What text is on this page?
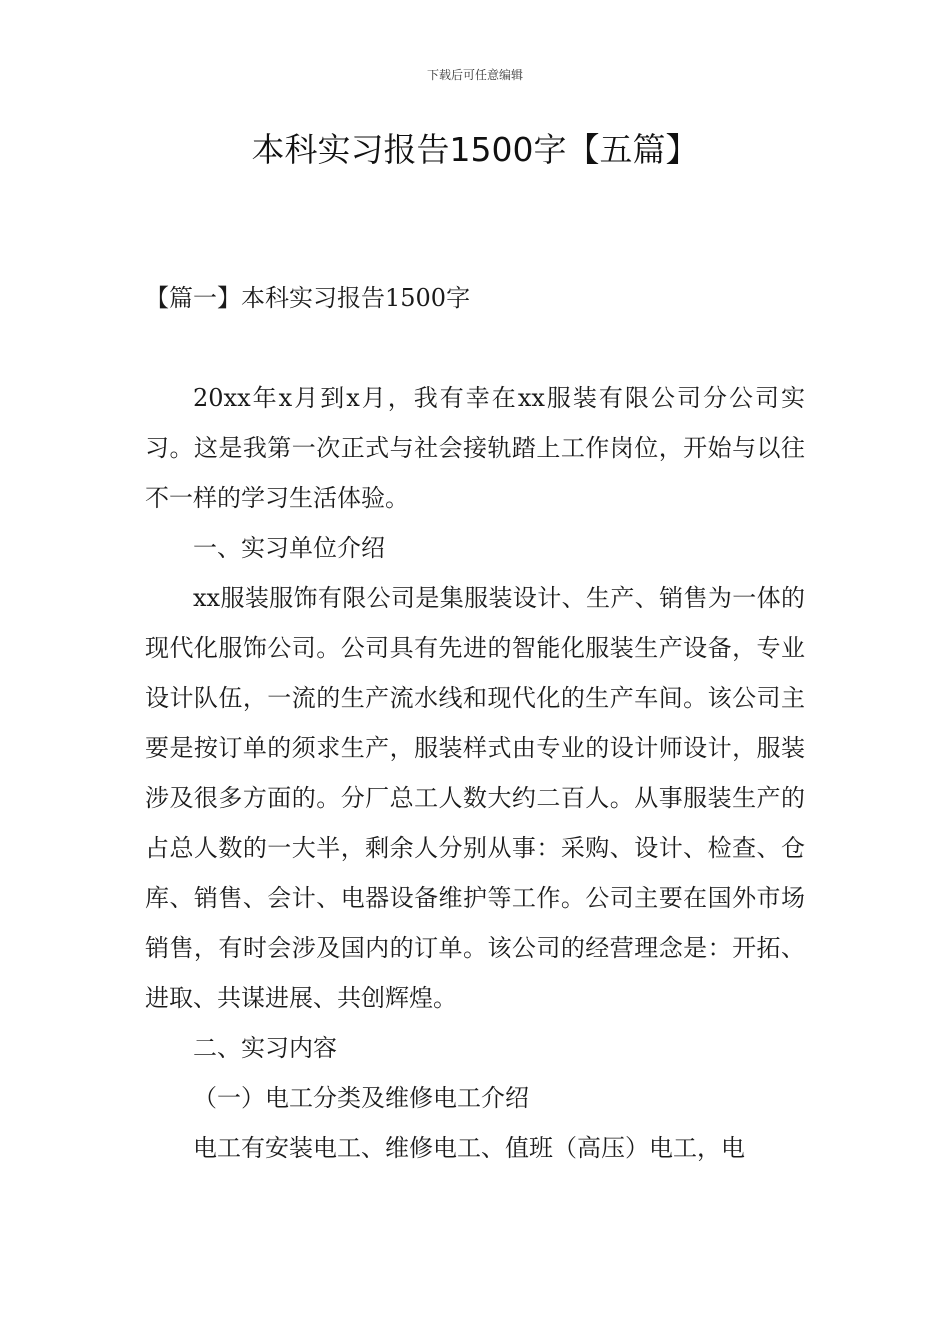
下载后可任意编辑
本科实习报告1500字【五篇】
【篇一】本科实习报告1500字

20xx年x月到x月，我有幸在xx服装有限公司分公司实习。这是我第一次正式与社会接轨踏上工作岗位，开始与以往不一样的学习生活体验。

一、实习单位介绍

xx服装服饰有限公司是集服装设计、生产、销售为一体的现代化服饰公司。公司具有先进的智能化服装生产设备，专业设计队伍，一流的生产流水线和现代化的生产车间。该公司主要是按订单的须求生产，服装样式由专业的设计师设计，服装涉及很多方面的。分厂总工人数大约二百人。从事服装生产的占总人数的一大半，剩余人分别从事：采购、设计、检查、仓库、销售、会计、电器设备维护等工作。公司主要在国外市场销售，有时会涉及国内的订单。该公司的经营理念是：开拓、进取、共谋进展、共创辉煌。

二、实习内容

（一）电工分类及维修电工介绍

电工有安装电工、维修电工、值班（高压）电工，电
